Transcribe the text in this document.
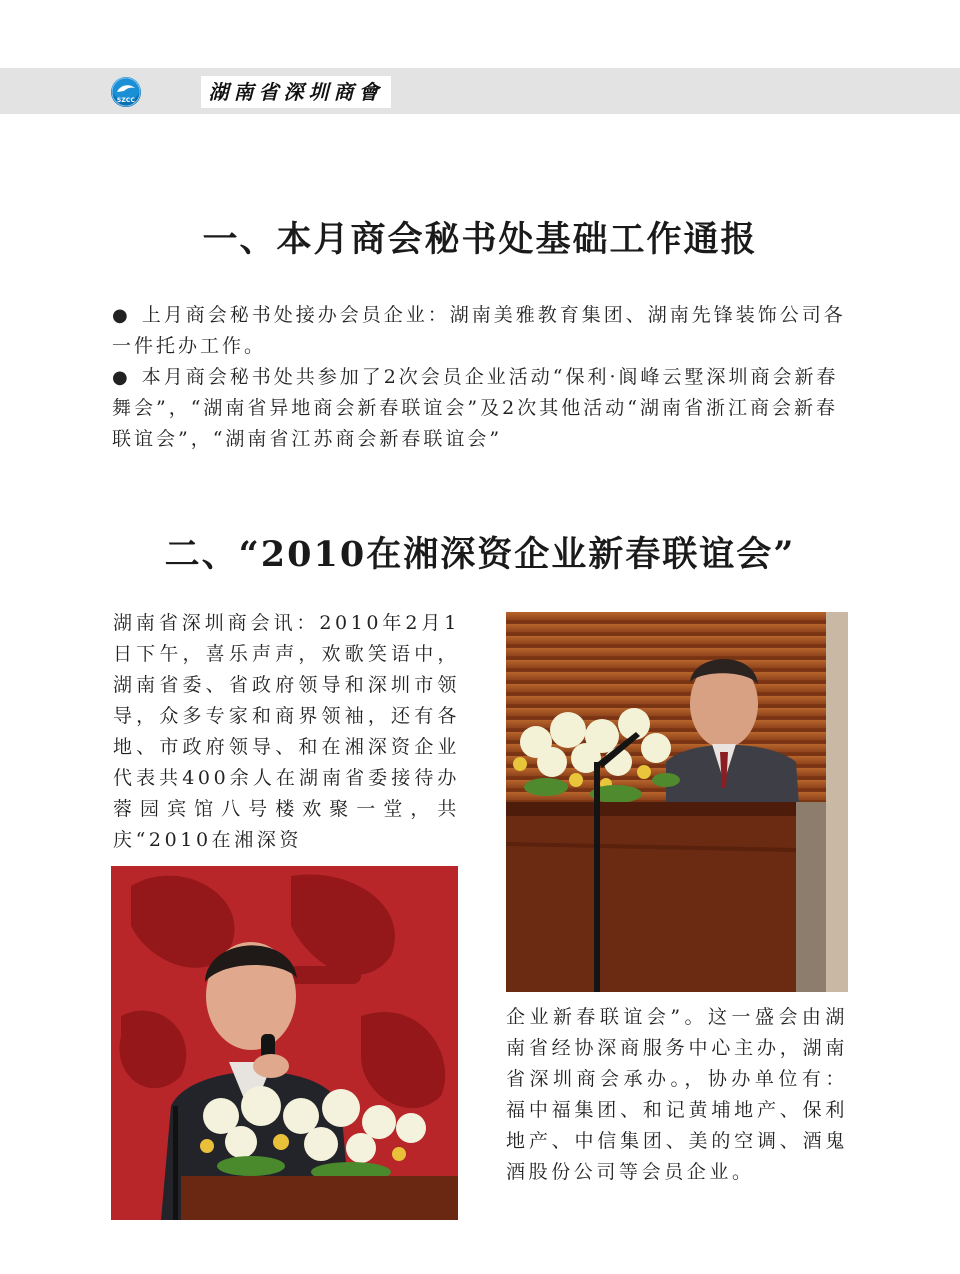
SZCC	湖南省深圳商會
一、本月商会秘书处基础工作通报

● 上月商会秘书处接办会员企业：湖南美雅教育集团、湖南先锋装饰公司各一件托办工作。

● 本月商会秘书处共参加了2次会员企业活动“保利·阆峰云墅深圳商会新春舞会”，“湖南省异地商会新春联谊会”及2次其他活动“湖南省浙江商会新春联谊会”，“湖南省江苏商会新春联谊会”

二、“2010在湘深资企业新春联谊会”

湖南省深圳商会讯：2010年2月1日下午，喜乐声声，欢歌笑语中，湖南省委、省政府领导和深圳市领导，众多专家和商界领袖，还有各地、市政府领导、和在湘深资企业代表共400余人在湖南省委接待办蓉园宾馆八号楼欢聚一堂，共庆“2010在湘深资

企业新春联谊会”。这一盛会由湖南省经协深商服务中心主办，湖南省深圳商会承办。，协办单位有：福中福集团、和记黄埔地产、保利地产、中信集团、美的空调、酒鬼酒股份公司等会员企业。
